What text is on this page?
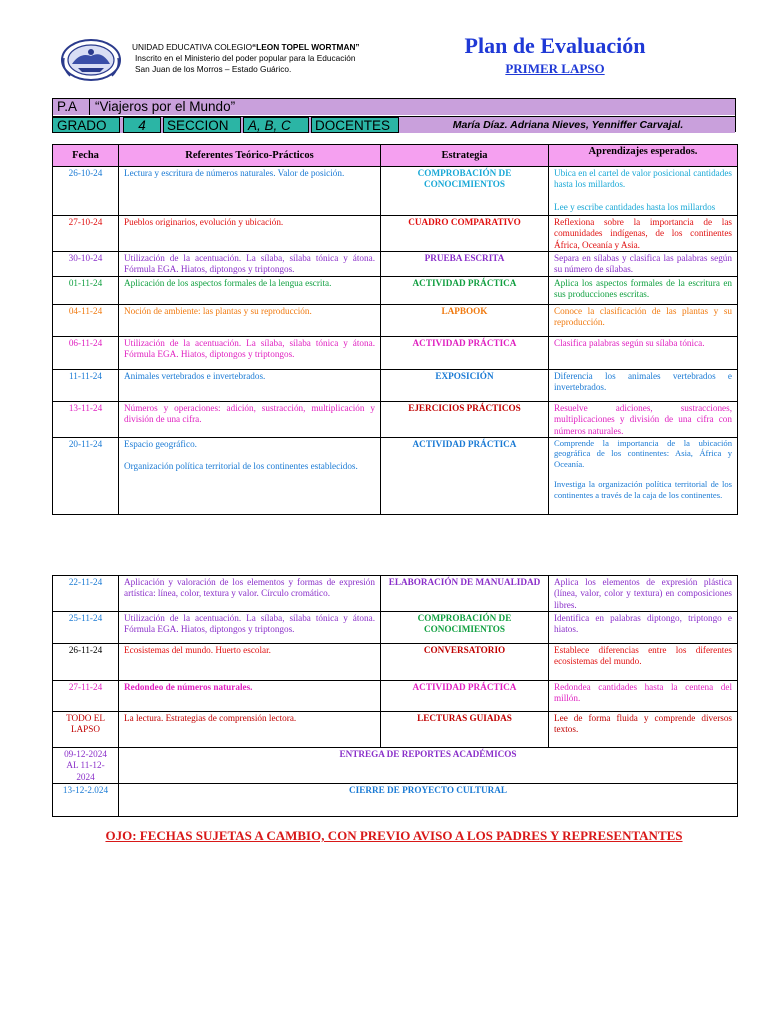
UNIDAD EDUCATIVA COLEGIO“LEON TOPEL WORTMAN”
Inscrito en el Ministerio del poder popular para la Educación
San Juan de los Morros – Estado Guárico.
Plan de Evaluación
PRIMER LAPSO
P.A	“Viajeros por el Mundo”
GRADO	4	SECCION	A, B, C	DOCENTES	María Díaz. Adriana Nieves, Yenniffer Carvajal.
Fecha	Referentes Teórico-Prácticos	Estrategia	Aprendizajes esperados.
26-10-24	Lectura y escritura de números naturales. Valor de posición.	COMPROBACIÓN DE CONOCIMIENTOS	Ubica en el cartel de valor posicional cantidades hasta los millardos.
Lee y escribe cantidades hasta los millardos
27-10-24	Pueblos originarios, evolución y ubicación.	CUADRO COMPARATIVO	Reflexiona sobre la importancia de las comunidades indígenas, de los continentes África, Oceanía y Asia.
30-10-24	Utilización de la acentuación. La sílaba, sílaba tónica y átona. Fórmula EGA. Hiatos, diptongos y triptongos.	PRUEBA ESCRITA	Separa en sílabas y clasifica las palabras según su número de sílabas.
01-11-24	Aplicación de los aspectos formales de la lengua escrita.	ACTIVIDAD PRÁCTICA	Aplica los aspectos formales de la escritura en sus producciones escritas.
04-11-24	Noción de ambiente: las plantas y su reproducción.	LAPBOOK	Conoce la clasificación de las plantas y su reproducción.
06-11-24	Utilización de la acentuación. La sílaba, sílaba tónica y átona. Fórmula EGA. Hiatos, diptongos y triptongos.	ACTIVIDAD PRÁCTICA	Clasifica palabras según su sílaba tónica.
11-11-24	Animales vertebrados e invertebrados.	EXPOSICIÓN	Diferencia los animales vertebrados e invertebrados.
13-11-24	Números y operaciones: adición, sustracción, multiplicación y división de una cifra.	EJERCICIOS PRÁCTICOS	Resuelve adiciones, sustracciones, multiplicaciones y división de una cifra con números naturales.
20-11-24	Espacio geográfico.
Organización política territorial de los continentes establecidos.	ACTIVIDAD PRÁCTICA	Comprende la importancia de la ubicación geográfica de los continentes: Asia, África y Oceanía.
Investiga la organización política territorial de los continentes a través de la caja de los continentes.
22-11-24	Aplicación y valoración de los elementos y formas de expresión artística: línea, color, textura y valor. Círculo cromático.	ELABORACIÓN DE MANUALIDAD	Aplica los elementos de expresión plástica (línea, valor, color y textura) en composiciones libres.
25-11-24	Utilización de la acentuación. La sílaba, sílaba tónica y átona. Fórmula EGA. Hiatos, diptongos y triptongos.	COMPROBACIÓN DE CONOCIMIENTOS	Identifica en palabras diptongo, triptongo e hiatos.
26-11-24	Ecosistemas del mundo. Huerto escolar.	CONVERSATORIO	Establece diferencias entre los diferentes ecosistemas del mundo.
27-11-24	Redondeo de números naturales.	ACTIVIDAD PRÁCTICA	Redondea cantidades hasta la centena del millón.
TODO EL LAPSO	La lectura. Estrategias de comprensión lectora.	LECTURAS GUIADAS	Lee de forma fluida y comprende diversos textos.
09-12-2024 AL 11-12-2024	ENTREGA DE REPORTES ACADÉMICOS		
13-12-2.024	CIERRE DE PROYECTO CULTURAL		
OJO: FECHAS SUJETAS A CAMBIO, CON PREVIO AVISO A LOS PADRES Y REPRESENTANTES
